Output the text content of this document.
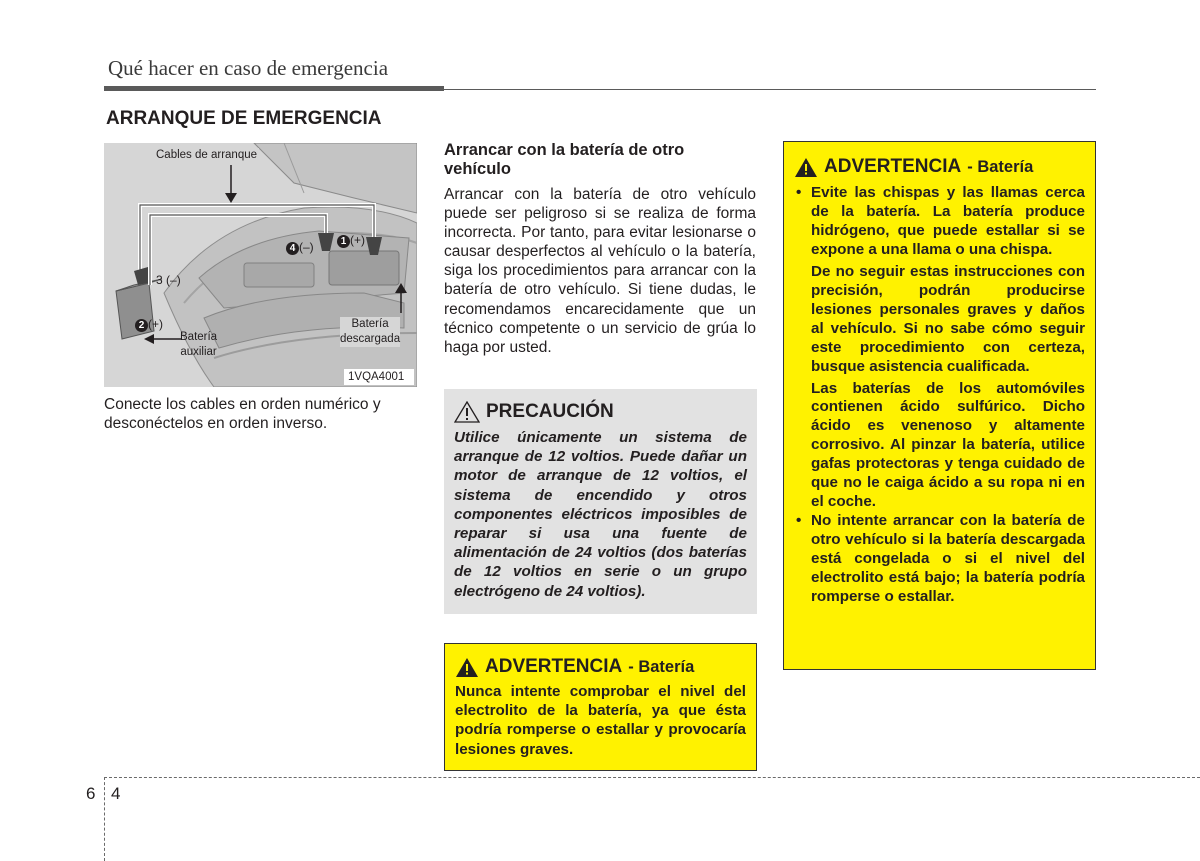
Qué hacer en caso de emergencia
ARRANQUE DE EMERGENCIA
Cables de arranque
Batería
auxiliar
Batería
descargada
1VQA4001
1 (+)
4 (–)
3 (–)
2 (+)
Conecte los cables en orden numérico y desconéctelos en orden inverso.
Arrancar con la batería de otro vehículo
Arrancar con la batería de otro vehículo puede ser peligroso si se realiza de forma incorrecta. Por tanto, para evitar lesionarse o causar desperfectos al vehículo o la batería, siga los procedimientos para arrancar con la batería de otro vehículo. Si tiene dudas, le recomendamos encarecidamente que un técnico competente o un servicio de grúa lo haga por usted.
PRECAUCIÓN
Utilice únicamente un sistema de arranque de 12 voltios. Puede dañar un motor de arranque de 12 voltios, el sistema de encendido y otros componentes eléctricos imposibles de reparar si usa una fuente de alimentación de 24 voltios (dos baterías de 12 voltios en serie o un grupo electrógeno de 24 voltios).
ADVERTENCIA - Batería
Nunca intente comprobar el nivel del electrolito de la batería, ya que ésta podría romperse o estallar y provocaría lesiones graves.
ADVERTENCIA - Batería
• Evite las chispas y las llamas cerca de la batería. La batería produce hidrógeno, que puede estallar si se expone a una llama o una chispa.

De no seguir estas instrucciones con precisión, podrán producirse lesiones personales graves y daños al vehículo. Si no sabe cómo seguir este procedimiento con certeza, busque asistencia cualificada.

Las baterías de los automóviles contienen ácido sulfúrico. Dicho ácido es venenoso y altamente corrosivo. Al pinzar la batería, utilice gafas protectoras y tenga cuidado de que no le caiga ácido a su ropa ni en el coche.

• No intente arrancar con la batería de otro vehículo si la batería descargada está congelada o si el nivel del electrolito está bajo; la batería podría romperse o estallar.
6 4
